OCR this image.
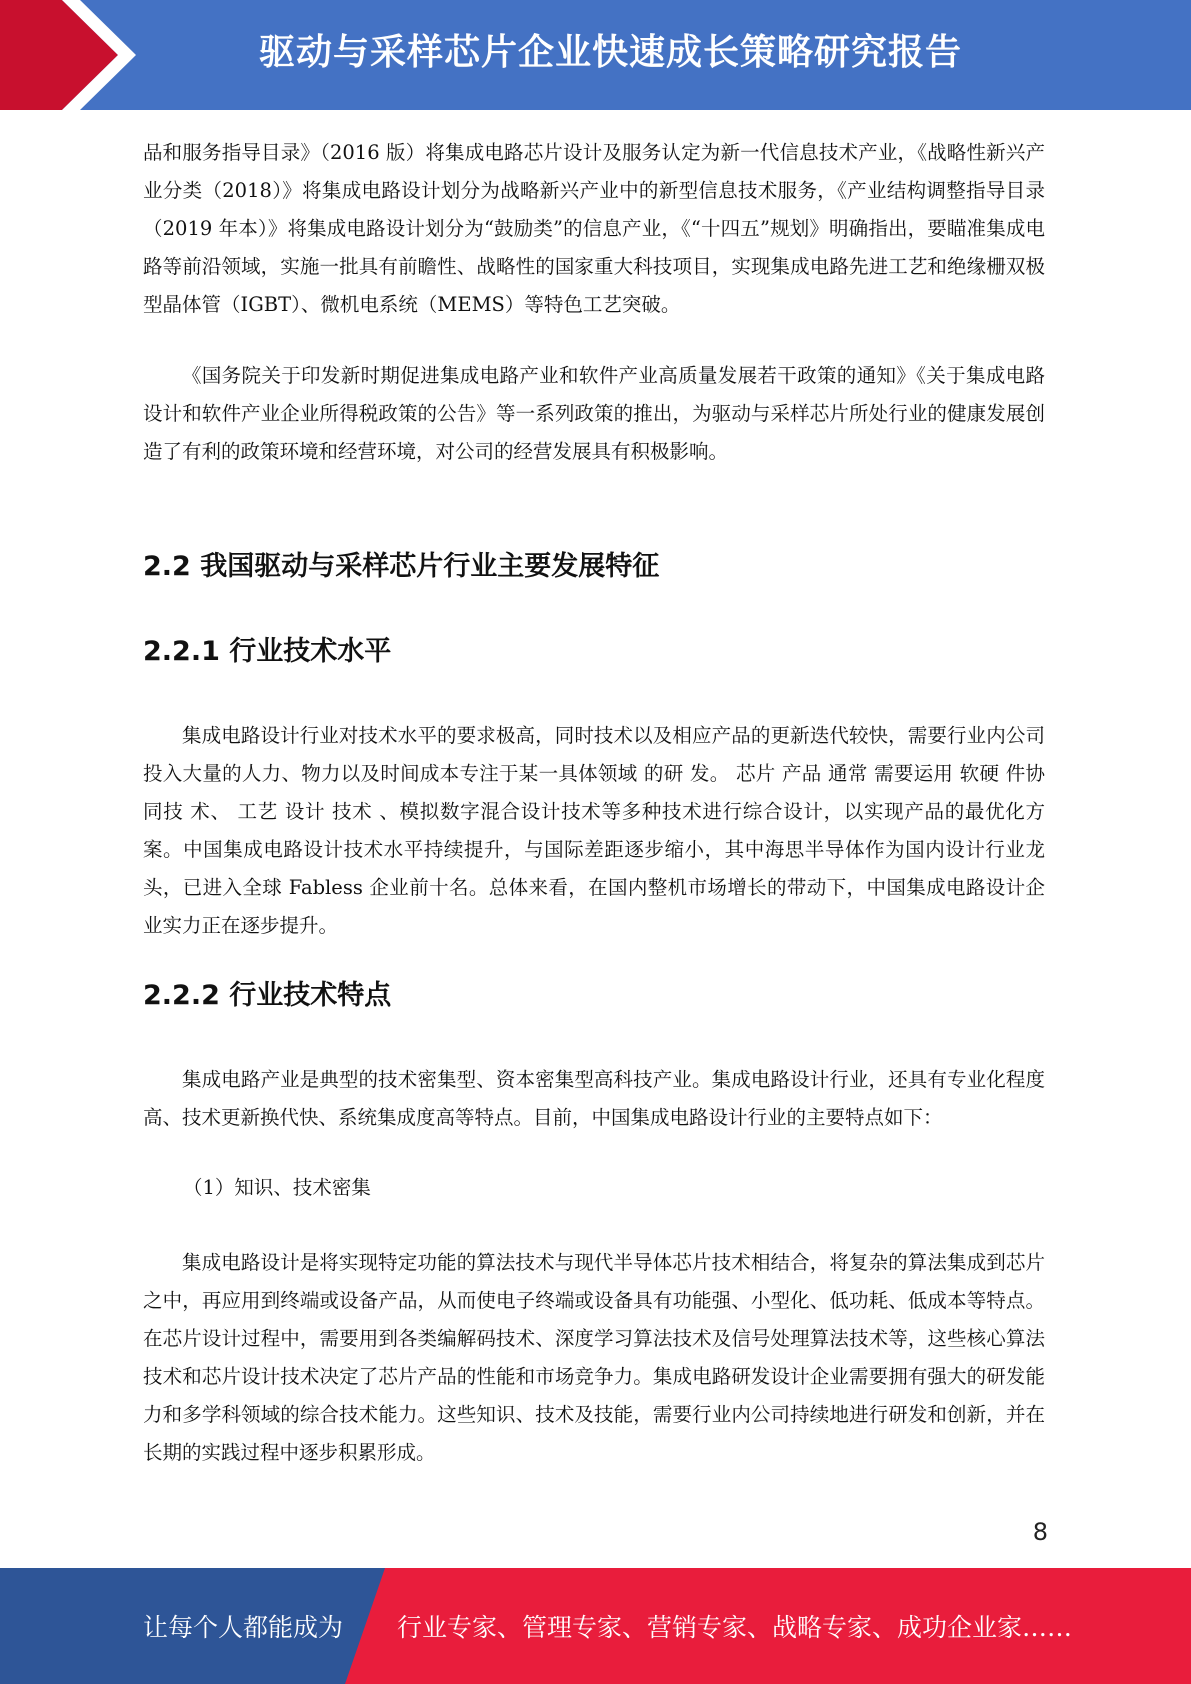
驱动与采样芯片企业快速成长策略研究报告

品和服务指导目录》（2016 版）将集成电路芯片设计及服务认定为新一代信息技术产业，《战略性新兴产业分类（2018）》将集成电路设计划分为战略新兴产业中的新型信息技术服务，《产业结构调整指导目录（2019 年本）》将集成电路设计划分为“鼓励类”的信息产业，《“十四五”规划》明确指出，要瞄准集成电路等前沿领域，实施一批具有前瞻性、战略性的国家重大科技项目，实现集成电路先进工艺和绝缘栅双极型晶体管（IGBT）、微机电系统（MEMS）等特色工艺突破。

《国务院关于印发新时期促进集成电路产业和软件产业高质量发展若干政策的通知》《关于集成电路设计和软件产业企业所得税政策的公告》等一系列政策的推出，为驱动与采样芯片所处行业的健康发展创造了有利的政策环境和经营环境，对公司的经营发展具有积极影响。

2.2 我国驱动与采样芯片行业主要发展特征
2.2.1 行业技术水平

集成电路设计行业对技术水平的要求极高，同时技术以及相应产品的更新迭代较快，需要行业内公司投入大量的人力、物力以及时间成本专注于某一具体领域 的研 发。 芯片 产品 通常 需要运用 软硬 件协 同技 术、 工艺 设计 技术 、模拟数字混合设计技术等多种技术进行综合设计，以实现产品的最优化方案。中国集成电路设计技术水平持续提升，与国际差距逐步缩小，其中海思半导体作为国内设计行业龙头，已进入全球 Fabless 企业前十名。总体来看，在国内整机市场增长的带动下，中国集成电路设计企业实力正在逐步提升。

2.2.2 行业技术特点

集成电路产业是典型的技术密集型、资本密集型高科技产业。集成电路设计行业，还具有专业化程度高、技术更新换代快、系统集成度高等特点。目前，中国集成电路设计行业的主要特点如下：

（1）知识、技术密集

集成电路设计是将实现特定功能的算法技术与现代半导体芯片技术相结合，将复杂的算法集成到芯片之中，再应用到终端或设备产品，从而使电子终端或设备具有功能强、小型化、低功耗、低成本等特点。在芯片设计过程中，需要用到各类编解码技术、深度学习算法技术及信号处理算法技术等，这些核心算法技术和芯片设计技术决定了芯片产品的性能和市场竞争力。集成电路研发设计企业需要拥有强大的研发能力和多学科领域的综合技术能力。这些知识、技术及技能，需要行业内公司持续地进行研发和创新，并在长期的实践过程中逐步积累形成。

8
让每个人都能成为 行业专家、管理专家、营销专家、战略专家、成功企业家……
